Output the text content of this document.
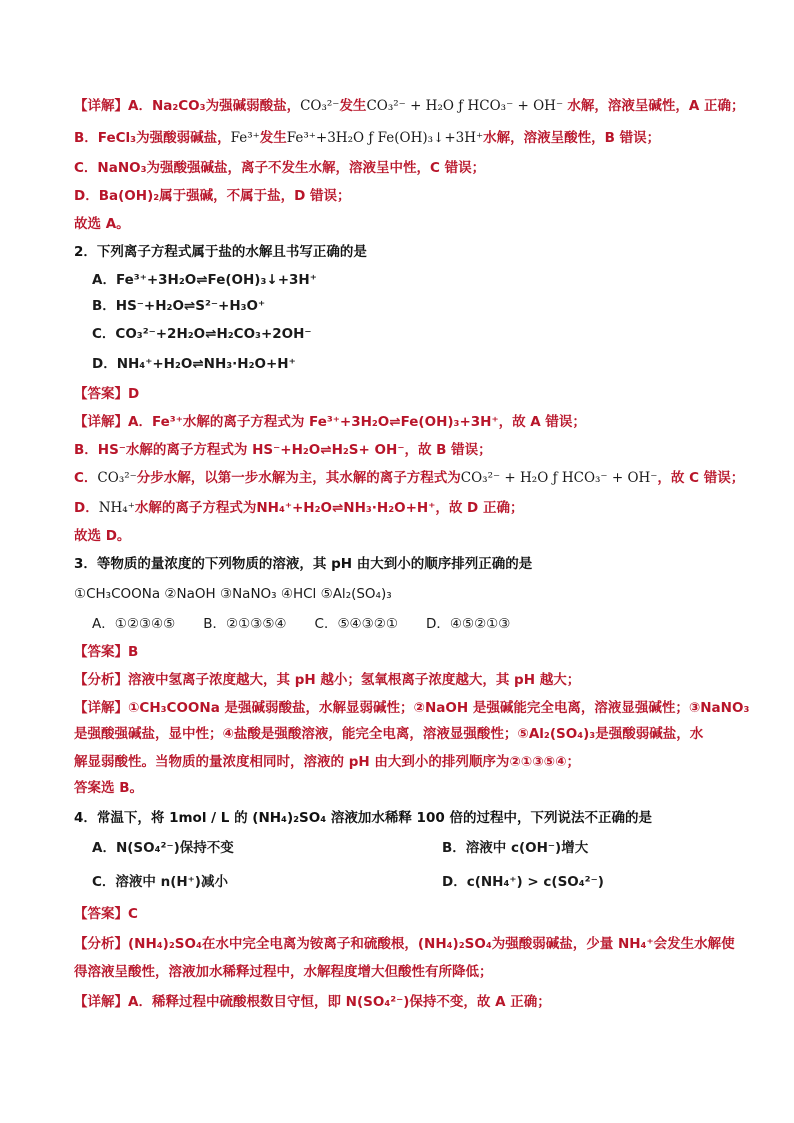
【详解】A．Na₂CO₃为强碱弱酸盐，CO₃²⁻发生CO₃²⁻ + H₂O ƒ HCO₃⁻ + OH⁻ 水解，溶液呈碱性，A 正确；
B．FeCl₃为强酸弱碱盐，Fe³⁺发生Fe³⁺+3H₂O ƒ Fe(OH)₃↓+3H⁺水解，溶液呈酸性，B 错误；
C．NaNO₃为强酸强碱盐，离子不发生水解，溶液呈中性，C 错误；
D．Ba(OH)₂属于强碱，不属于盐，D 错误；
故选 A。
2．下列离子方程式属于盐的水解且书写正确的是
A．Fe³⁺+3H₂O⇌Fe(OH)₃↓+3H⁺
B．HS⁻+H₂O⇌S²⁻+H₃O⁺
C．CO₃²⁻+2H₂O⇌H₂CO₃+2OH⁻
D．NH₄⁺+H₂O⇌NH₃·H₂O+H⁺
【答案】D
【详解】A．Fe³⁺水解的离子方程式为 Fe³⁺+3H₂O⇌Fe(OH)₃+3H⁺，故 A 错误；
B．HS⁻水解的离子方程式为 HS⁻+H₂O⇌H₂S+ OH⁻，故 B 错误；
C．CO₃²⁻分步水解，以第一步水解为主，其水解的离子方程式为CO₃²⁻ + H₂O ƒ HCO₃⁻ + OH⁻，故 C 错误；
D．NH₄⁺水解的离子方程式为NH₄⁺+H₂O⇌NH₃·H₂O+H⁺，故 D 正确；
故选 D。
3．等物质的量浓度的下列物质的溶液，其 pH 由大到小的顺序排列正确的是
①CH₃COONa ②NaOH ③NaNO₃ ④HCl ⑤Al₂(SO₄)₃
A．①②③④⑤ B．②①③⑤④ C．⑤④③②① D．④⑤②①③
【答案】B
【分析】溶液中氢离子浓度越大，其 pH 越小；氢氧根离子浓度越大，其 pH 越大；
【详解】①CH₃COONa 是强碱弱酸盐，水解显弱碱性；②NaOH 是强碱能完全电离，溶液显强碱性；③NaNO₃
是强酸强碱盐，显中性；④盐酸是强酸溶液，能完全电离，溶液显强酸性；⑤Al₂(SO₄)₃是强酸弱碱盐，水
解显弱酸性。当物质的量浓度相同时，溶液的 pH 由大到小的排列顺序为②①③⑤④；
答案选 B。
4．常温下，将 1mol / L 的 (NH₄)₂SO₄ 溶液加水稀释 100 倍的过程中，下列说法不正确的是
A．N(SO₄²⁻)保持不变	B．溶液中 c(OH⁻)增大
C．溶液中 n(H⁺)减小	D．c(NH₄⁺) > c(SO₄²⁻)
【答案】C
【分析】(NH₄)₂SO₄在水中完全电离为铵离子和硫酸根，(NH₄)₂SO₄为强酸弱碱盐，少量 NH₄⁺会发生水解使
得溶液呈酸性，溶液加水稀释过程中，水解程度增大但酸性有所降低；
【详解】A．稀释过程中硫酸根数目守恒，即 N(SO₄²⁻)保持不变，故 A 正确；
